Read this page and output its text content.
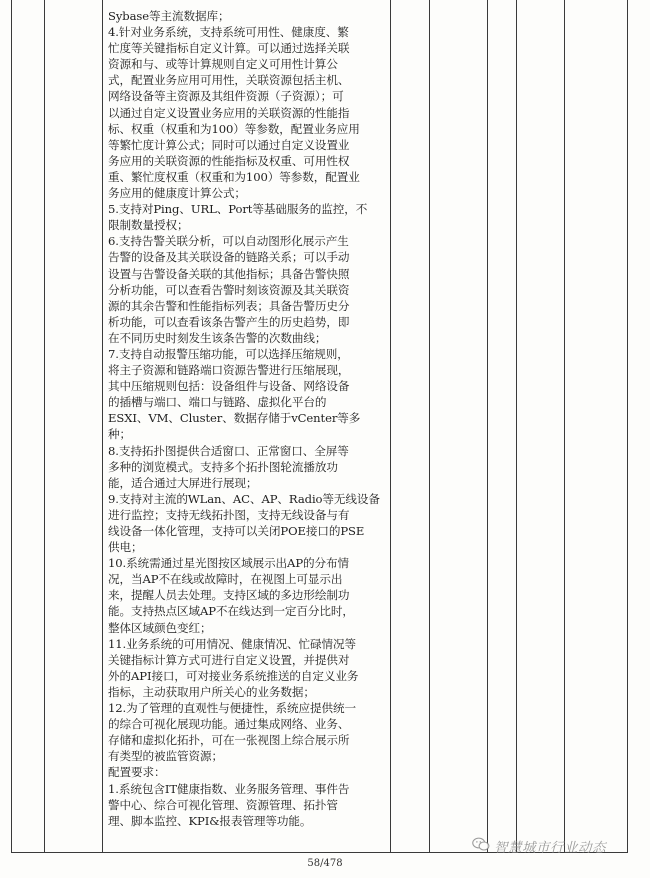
Sybase等主流数据库；

4.针对业务系统，支持系统可用性、健康度、繁

忙度等关键指标自定义计算。可以通过选择关联

资源和与、或等计算规则自定义可用性计算公

式，配置业务应用可用性，关联资源包括主机、

网络设备等主资源及其组件资源（子资源）；可

以通过自定义设置业务应用的关联资源的性能指

标、权重（权重和为100）等参数，配置业务应用

等繁忙度计算公式；同时可以通过自定义设置业

务应用的关联资源的性能指标及权重、可用性权

重、繁忙度权重（权重和为100）等参数，配置业

务应用的健康度计算公式；

5.支持对Ping、URL、Port等基础服务的监控，不

限制数量授权；

6.支持告警关联分析，可以自动图形化展示产生

告警的设备及其关联设备的链路关系；可以手动

设置与告警设备关联的其他指标；具备告警快照

分析功能，可以查看告警时刻该资源及其关联资

源的其余告警和性能指标列表；具备告警历史分

析功能，可以查看该条告警产生的历史趋势，即

在不同历史时刻发生该条告警的次数曲线；

7.支持自动报警压缩功能，可以选择压缩规则，

将主子资源和链路端口资源告警进行压缩展现，

其中压缩规则包括：设备组件与设备、网络设备

的插槽与端口、端口与链路、虚拟化平台的

ESXI、VM、Cluster、数据存储于vCenter等多

种；

8.支持拓扑图提供合适窗口、正常窗口、全屏等

多种的浏览模式。支持多个拓扑图轮流播放功

能，适合通过大屏进行展现；

9.支持对主流的WLan、AC、AP、Radio等无线设备

进行监控；支持无线拓扑图，支持无线设备与有

线设备一体化管理，支持可以关闭POE接口的PSE

供电；

10.系统需通过星光图按区域展示出AP的分布情

况，当AP不在线或故障时，在视图上可显示出

来，提醒人员去处理。支持区域的多边形绘制功

能。支持热点区域AP不在线达到一定百分比时，

整体区域颜色变红；

11.业务系统的可用情况、健康情况、忙碌情况等

关键指标计算方式可进行自定义设置，并提供对

外的API接口，可对接业务系统推送的自定义业务

指标，主动获取用户所关心的业务数据；

12.为了管理的直观性与便捷性，系统应提供统一

的综合可视化展现功能。通过集成网络、业务、

存储和虚拟化拓扑，可在一张视图上综合展示所

有类型的被监管资源；

配置要求：

1.系统包含IT健康指数、业务服务管理、事件告

警中心、综合可视化管理、资源管理、拓扑管

理、脚本监控、KPI&报表管理等功能。

58/478
智慧城市行业动态
